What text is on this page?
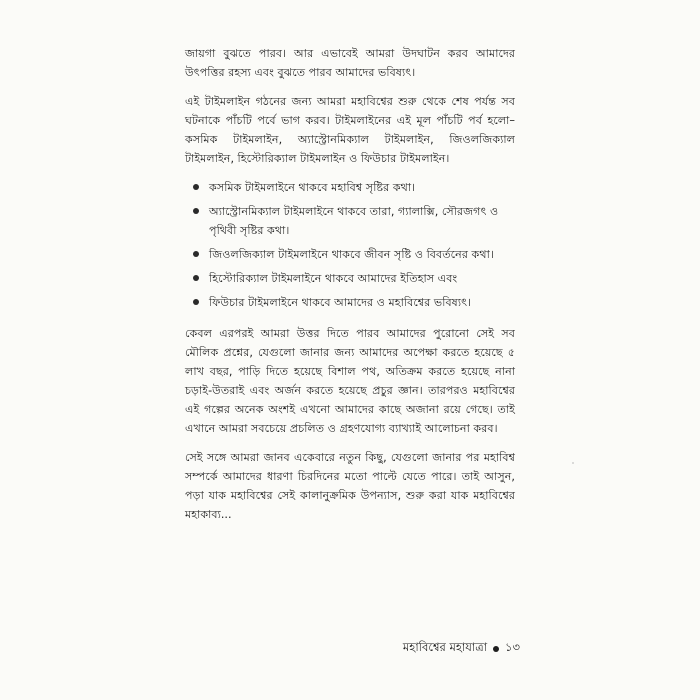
জায়গা বুঝতে পারব। আর এভাবেই আমরা উদঘাটন করব আমাদের উৎপত্তির রহস্য এবং বুঝতে পারব আমাদের ভবিষ্যৎ।

এই টাইমলাইন গঠনের জন্য আমরা মহাবিশ্বের শুরু থেকে শেষ পর্যন্ত সব ঘটনাকে পাঁচটি পর্বে ভাগ করব। টাইমলাইনের এই মূল পাঁচটি পর্ব হলো– কসমিক টাইমলাইন, অ্যাস্ট্রোনমিক্যাল টাইমলাইন, জিওলজিক্যাল টাইমলাইন, হিস্টোরিক্যাল টাইমলাইন ও ফিউচার টাইমলাইন।

কসমিক টাইমলাইনে থাকবে মহাবিশ্ব সৃষ্টির কথা।
অ্যাস্ট্রোনমিক্যাল টাইমলাইনে থাকবে তারা, গ্যালাক্সি, সৌরজগৎ ও পৃথিবী সৃষ্টির কথা।
জিওলজিক্যাল টাইমলাইনে থাকবে জীবন সৃষ্টি ও বিবর্তনের কথা।
হিস্টোরিক্যাল টাইমলাইনে থাকবে আমাদের ইতিহাস এবং
ফিউচার টাইমলাইনে থাকবে আমাদের ও মহাবিশ্বের ভবিষ্যৎ।

কেবল এরপরই আমরা উত্তর দিতে পারব আমাদের পুরোনো সেই সব মৌলিক প্রশ্নের, যেগুলো জানার জন্য আমাদের অপেক্ষা করতে হয়েছে ৫ লাখ বছর, পাড়ি দিতে হয়েছে বিশাল পথ, অতিক্রম করতে হয়েছে নানা চড়াই-উতরাই এবং অর্জন করতে হয়েছে প্রচুর জ্ঞান। তারপরও মহাবিশ্বের এই গল্পের অনেক অংশই এখনো আমাদের কাছে অজানা রয়ে গেছে। তাই এখানে আমরা সবচেয়ে প্রচলিত ও গ্রহণযোগ্য ব্যাখ্যাই আলোচনা করব।

সেই সঙ্গে আমরা জানব একেবারে নতুন কিছু, যেগুলো জানার পর মহাবিশ্ব সম্পর্কে আমাদের ধারণা চিরদিনের মতো পাল্টে যেতে পারে। তাই আসুন, পড়া যাক মহাবিশ্বের সেই কালানুক্রমিক উপন্যাস, শুরু করা যাক মহাবিশ্বের মহাকাব্য...

মহাবিশ্বের মহাযাত্রা ১৩
